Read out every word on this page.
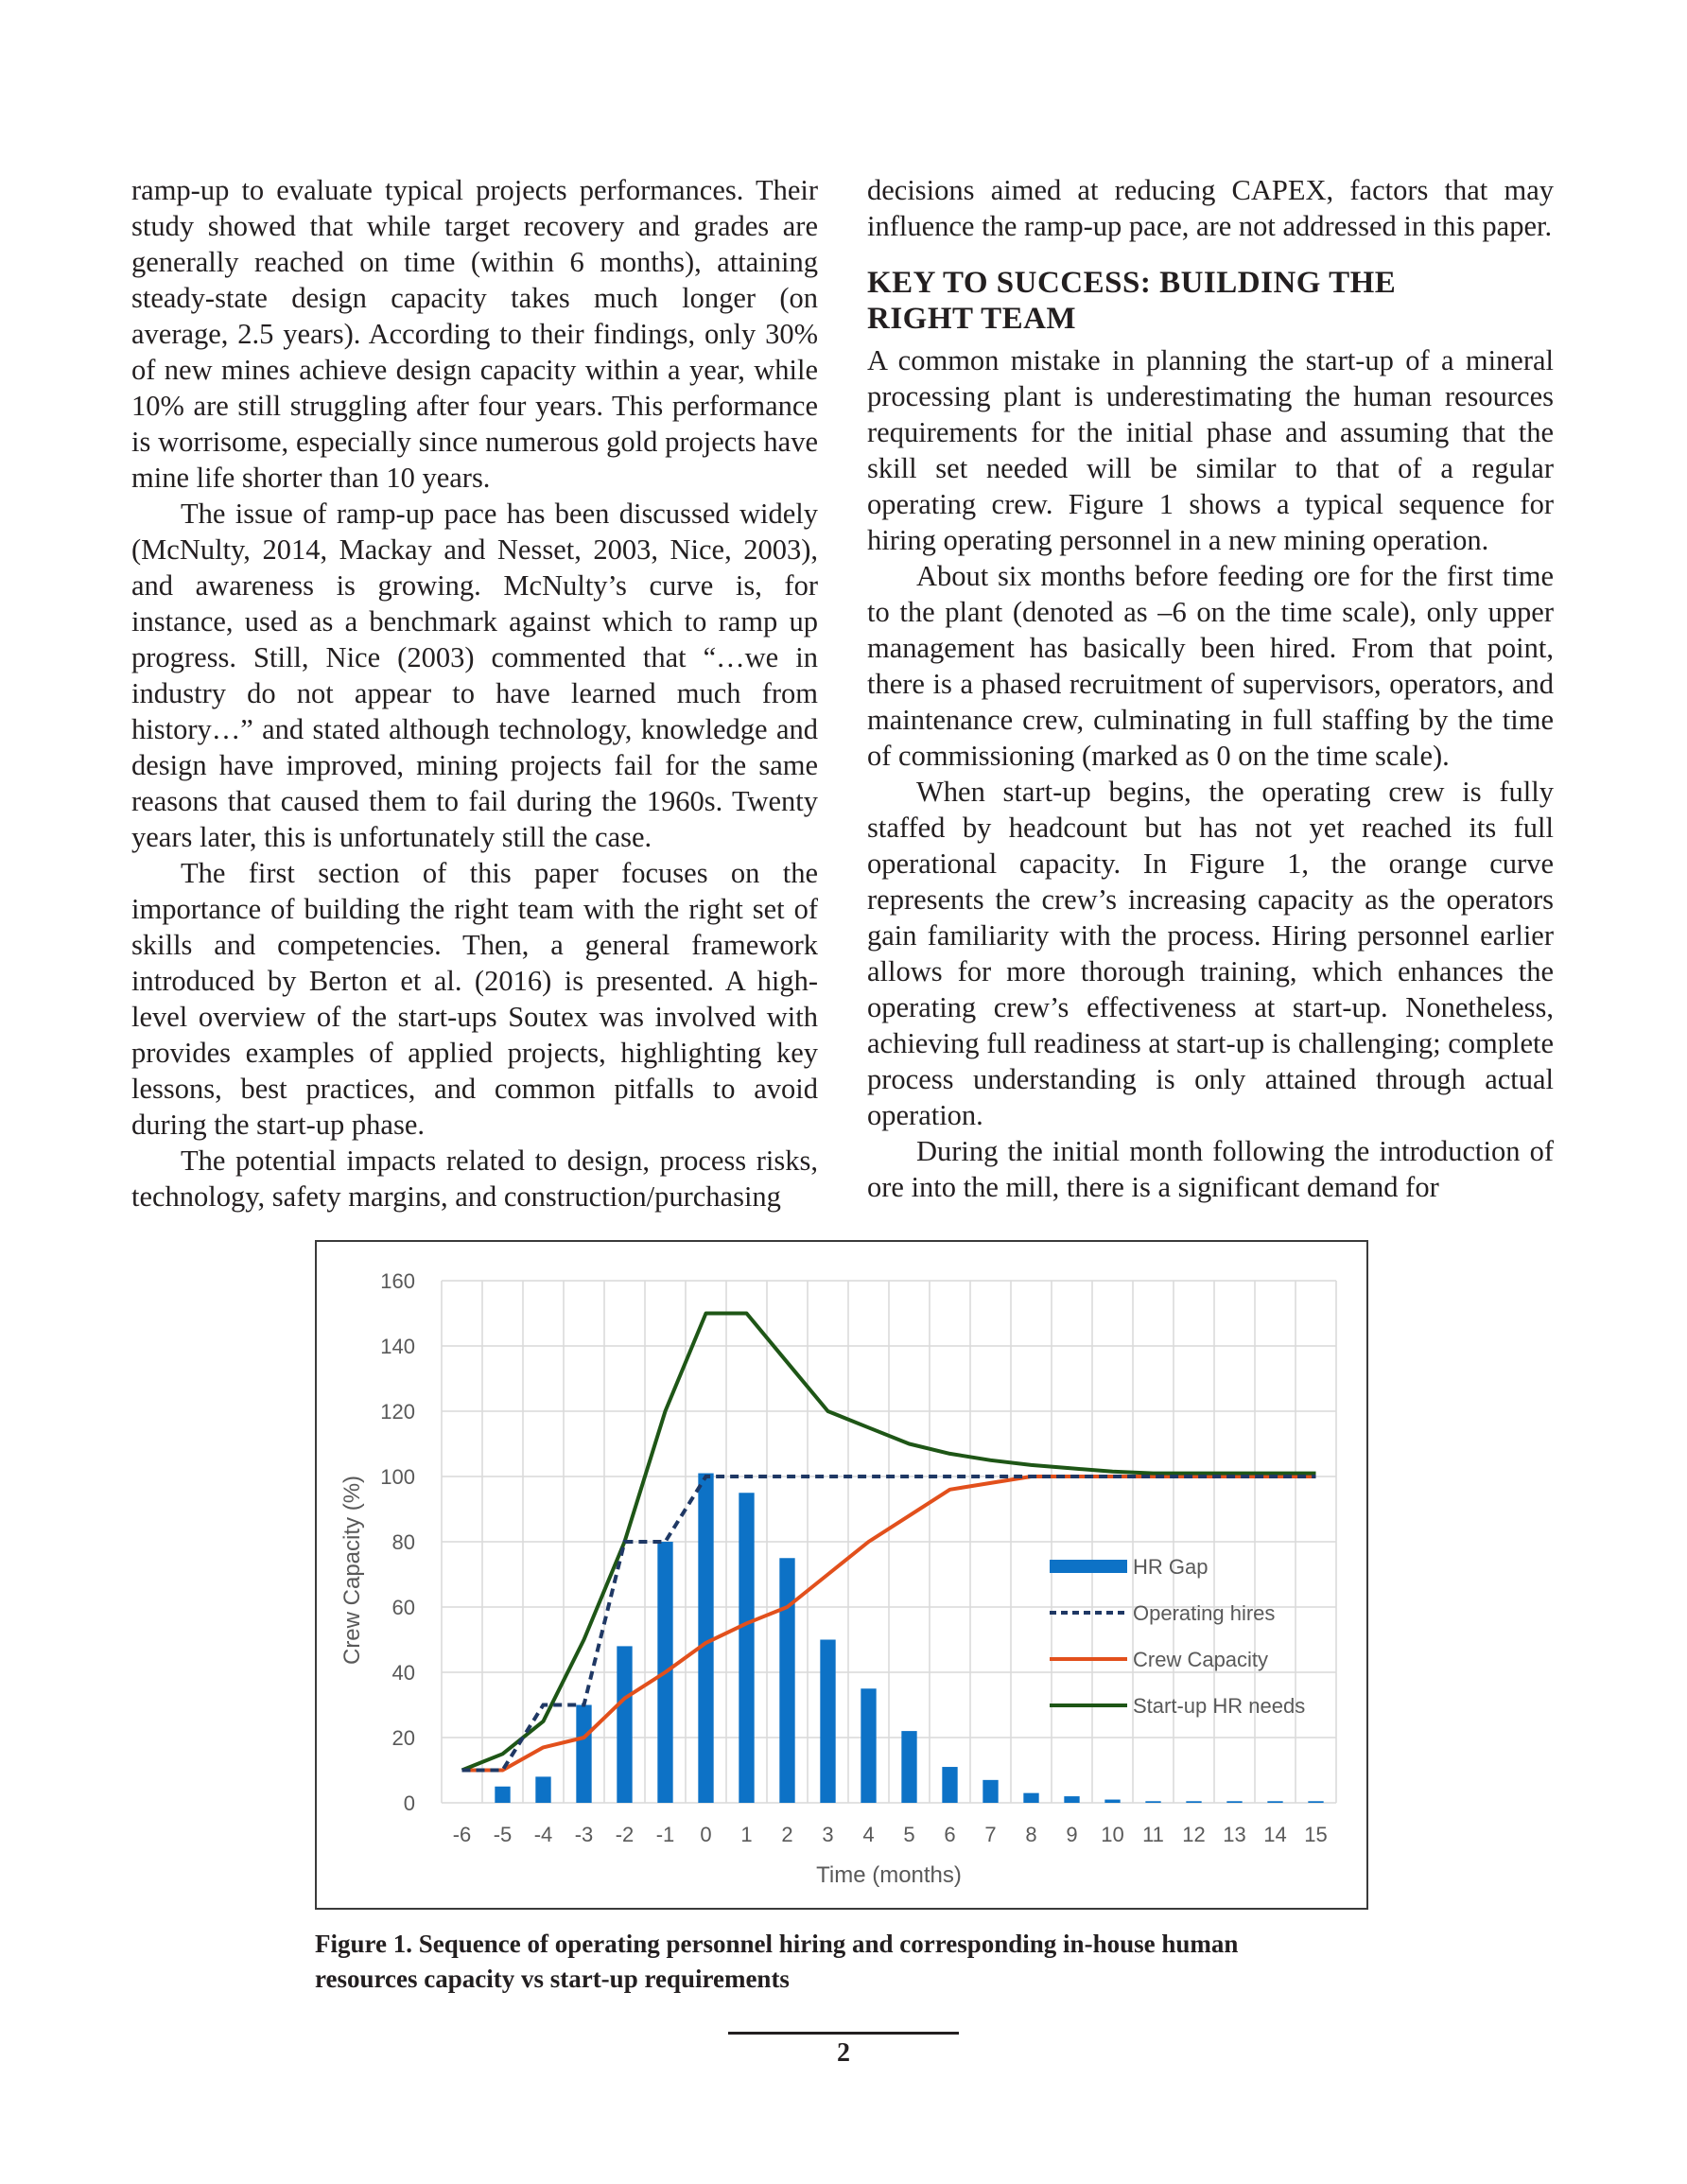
ramp-up to evaluate typical projects performances. Their study showed that while target recovery and grades are generally reached on time (within 6 months), attaining steady-state design capacity takes much longer (on average, 2.5 years). According to their findings, only 30% of new mines achieve design capacity within a year, while 10% are still struggling after four years. This performance is worrisome, especially since numerous gold projects have mine life shorter than 10 years.

The issue of ramp-up pace has been discussed widely (McNulty, 2014, Mackay and Nesset, 2003, Nice, 2003), and awareness is growing. McNulty’s curve is, for instance, used as a benchmark against which to ramp up progress. Still, Nice (2003) commented that “…we in industry do not appear to have learned much from history…” and stated although technology, knowledge and design have improved, mining projects fail for the same reasons that caused them to fail during the 1960s. Twenty years later, this is unfortunately still the case.

The first section of this paper focuses on the importance of building the right team with the right set of skills and competencies. Then, a general framework introduced by Berton et al. (2016) is presented. A high- level overview of the start-ups Soutex was involved with provides examples of applied projects, highlighting key lessons, best practices, and common pitfalls to avoid during the start-up phase.

The potential impacts related to design, process risks, technology, safety margins, and construction/purchasing

decisions aimed at reducing CAPEX, factors that may influence the ramp-up pace, are not addressed in this paper.

KEY TO SUCCESS: BUILDING THE
RIGHT TEAM

A common mistake in planning the start-up of a mineral processing plant is underestimating the human resources requirements for the initial phase and assuming that the skill set needed will be similar to that of a regular operating crew. Figure 1 shows a typical sequence for hiring operating personnel in a new mining operation.

About six months before feeding ore for the first time to the plant (denoted as –6 on the time scale), only upper management has basically been hired. From that point, there is a phased recruitment of supervisors, operators, and maintenance crew, culminating in full staffing by the time of commissioning (marked as 0 on the time scale).

When start-up begins, the operating crew is fully staffed by headcount but has not yet reached its full operational capacity. In Figure 1, the orange curve represents the crew’s increasing capacity as the operators gain familiarity with the process. Hiring personnel earlier allows for more thorough training, which enhances the operating crew’s effectiveness at start-up. Nonetheless, achieving full readiness at start-up is challenging; complete process understanding is only attained through actual operation.

During the initial month following the introduction of ore into the mill, there is a significant demand for

0
20
40
60
80
100
120
140
160
-6 -5 -4 -3 -2 -1 0 1 2 3 4 5 6 7 8 9 10 11 12 13 14 15
Time (months)
Crew Capacity (%)	HR Gap
Operating hires
Crew Capacity
Start-up HR needs
Figure 1. Sequence of operating personnel hiring and corresponding in-house human
resources capacity vs start-up requirements
2
